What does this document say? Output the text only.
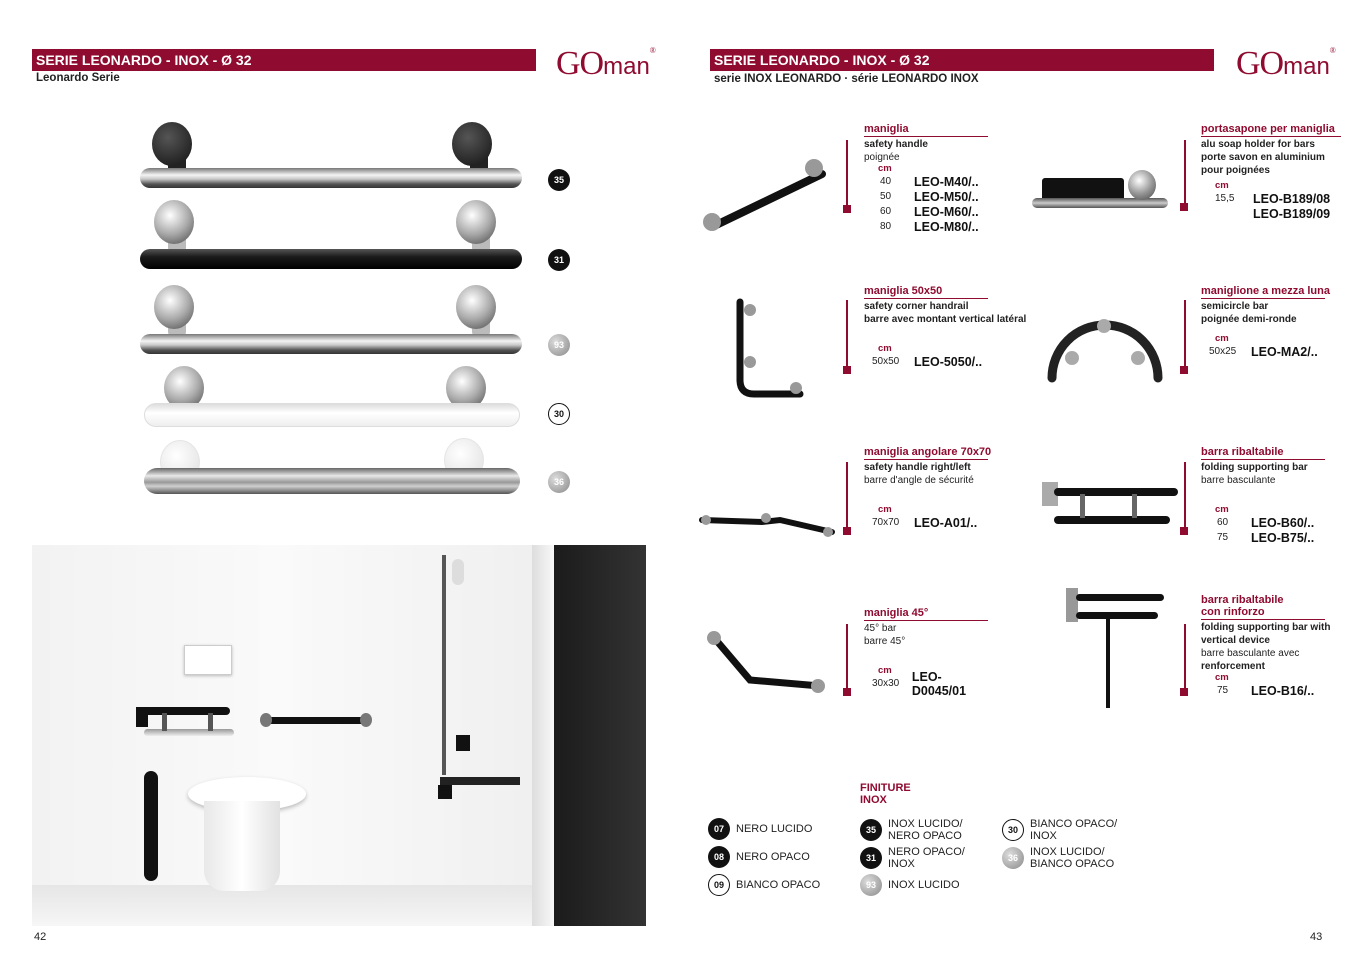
SERIE LEONARDO - INOX - Ø 32
Leonardo Serie	GOman®
35
31
93
30
36
42
SERIE LEONARDO - INOX - Ø 32
serie INOX LEONARDO · série LEONARDO INOX	GOman®
maniglia
safety handle
poignée
cm
40	LEO-M40/..
50	LEO-M50/..
60	LEO-M60/..
80	LEO-M80/..
portasapone per maniglia
alu soap holder for bars
porte savon en aluminium
pour poignées
cm
15,5	LEO-B189/08
LEO-B189/09
maniglia 50x50
safety corner handrail
barre avec montant vertical latéral
cm
50x50	LEO-5050/..
maniglione a mezza luna
semicircle bar
poignée demi-ronde
cm
50x25	LEO-MA2/..
maniglia angolare 70x70
safety handle right/left
barre d'angle de sécurité
cm
70x70	LEO-A01/..
barra ribaltabile
folding supporting bar
barre basculante
cm
60	LEO-B60/..
75	LEO-B75/..
maniglia 45°
45° bar
barre 45°
cm
30x30	LEO-D0045/01
barra ribaltabile
con rinforzo
folding supporting bar with
vertical device
barre basculante avec
renforcement
cm
75	LEO-B16/..
FINITURE
INOX
07	NERO LUCIDO
08	NERO OPACO
09	BIANCO OPACO
35	INOX LUCIDO/ NERO OPACO
31	NERO OPACO/ INOX
93	INOX LUCIDO
30	BIANCO OPACO/ INOX
36	INOX LUCIDO/ BIANCO OPACO
43
